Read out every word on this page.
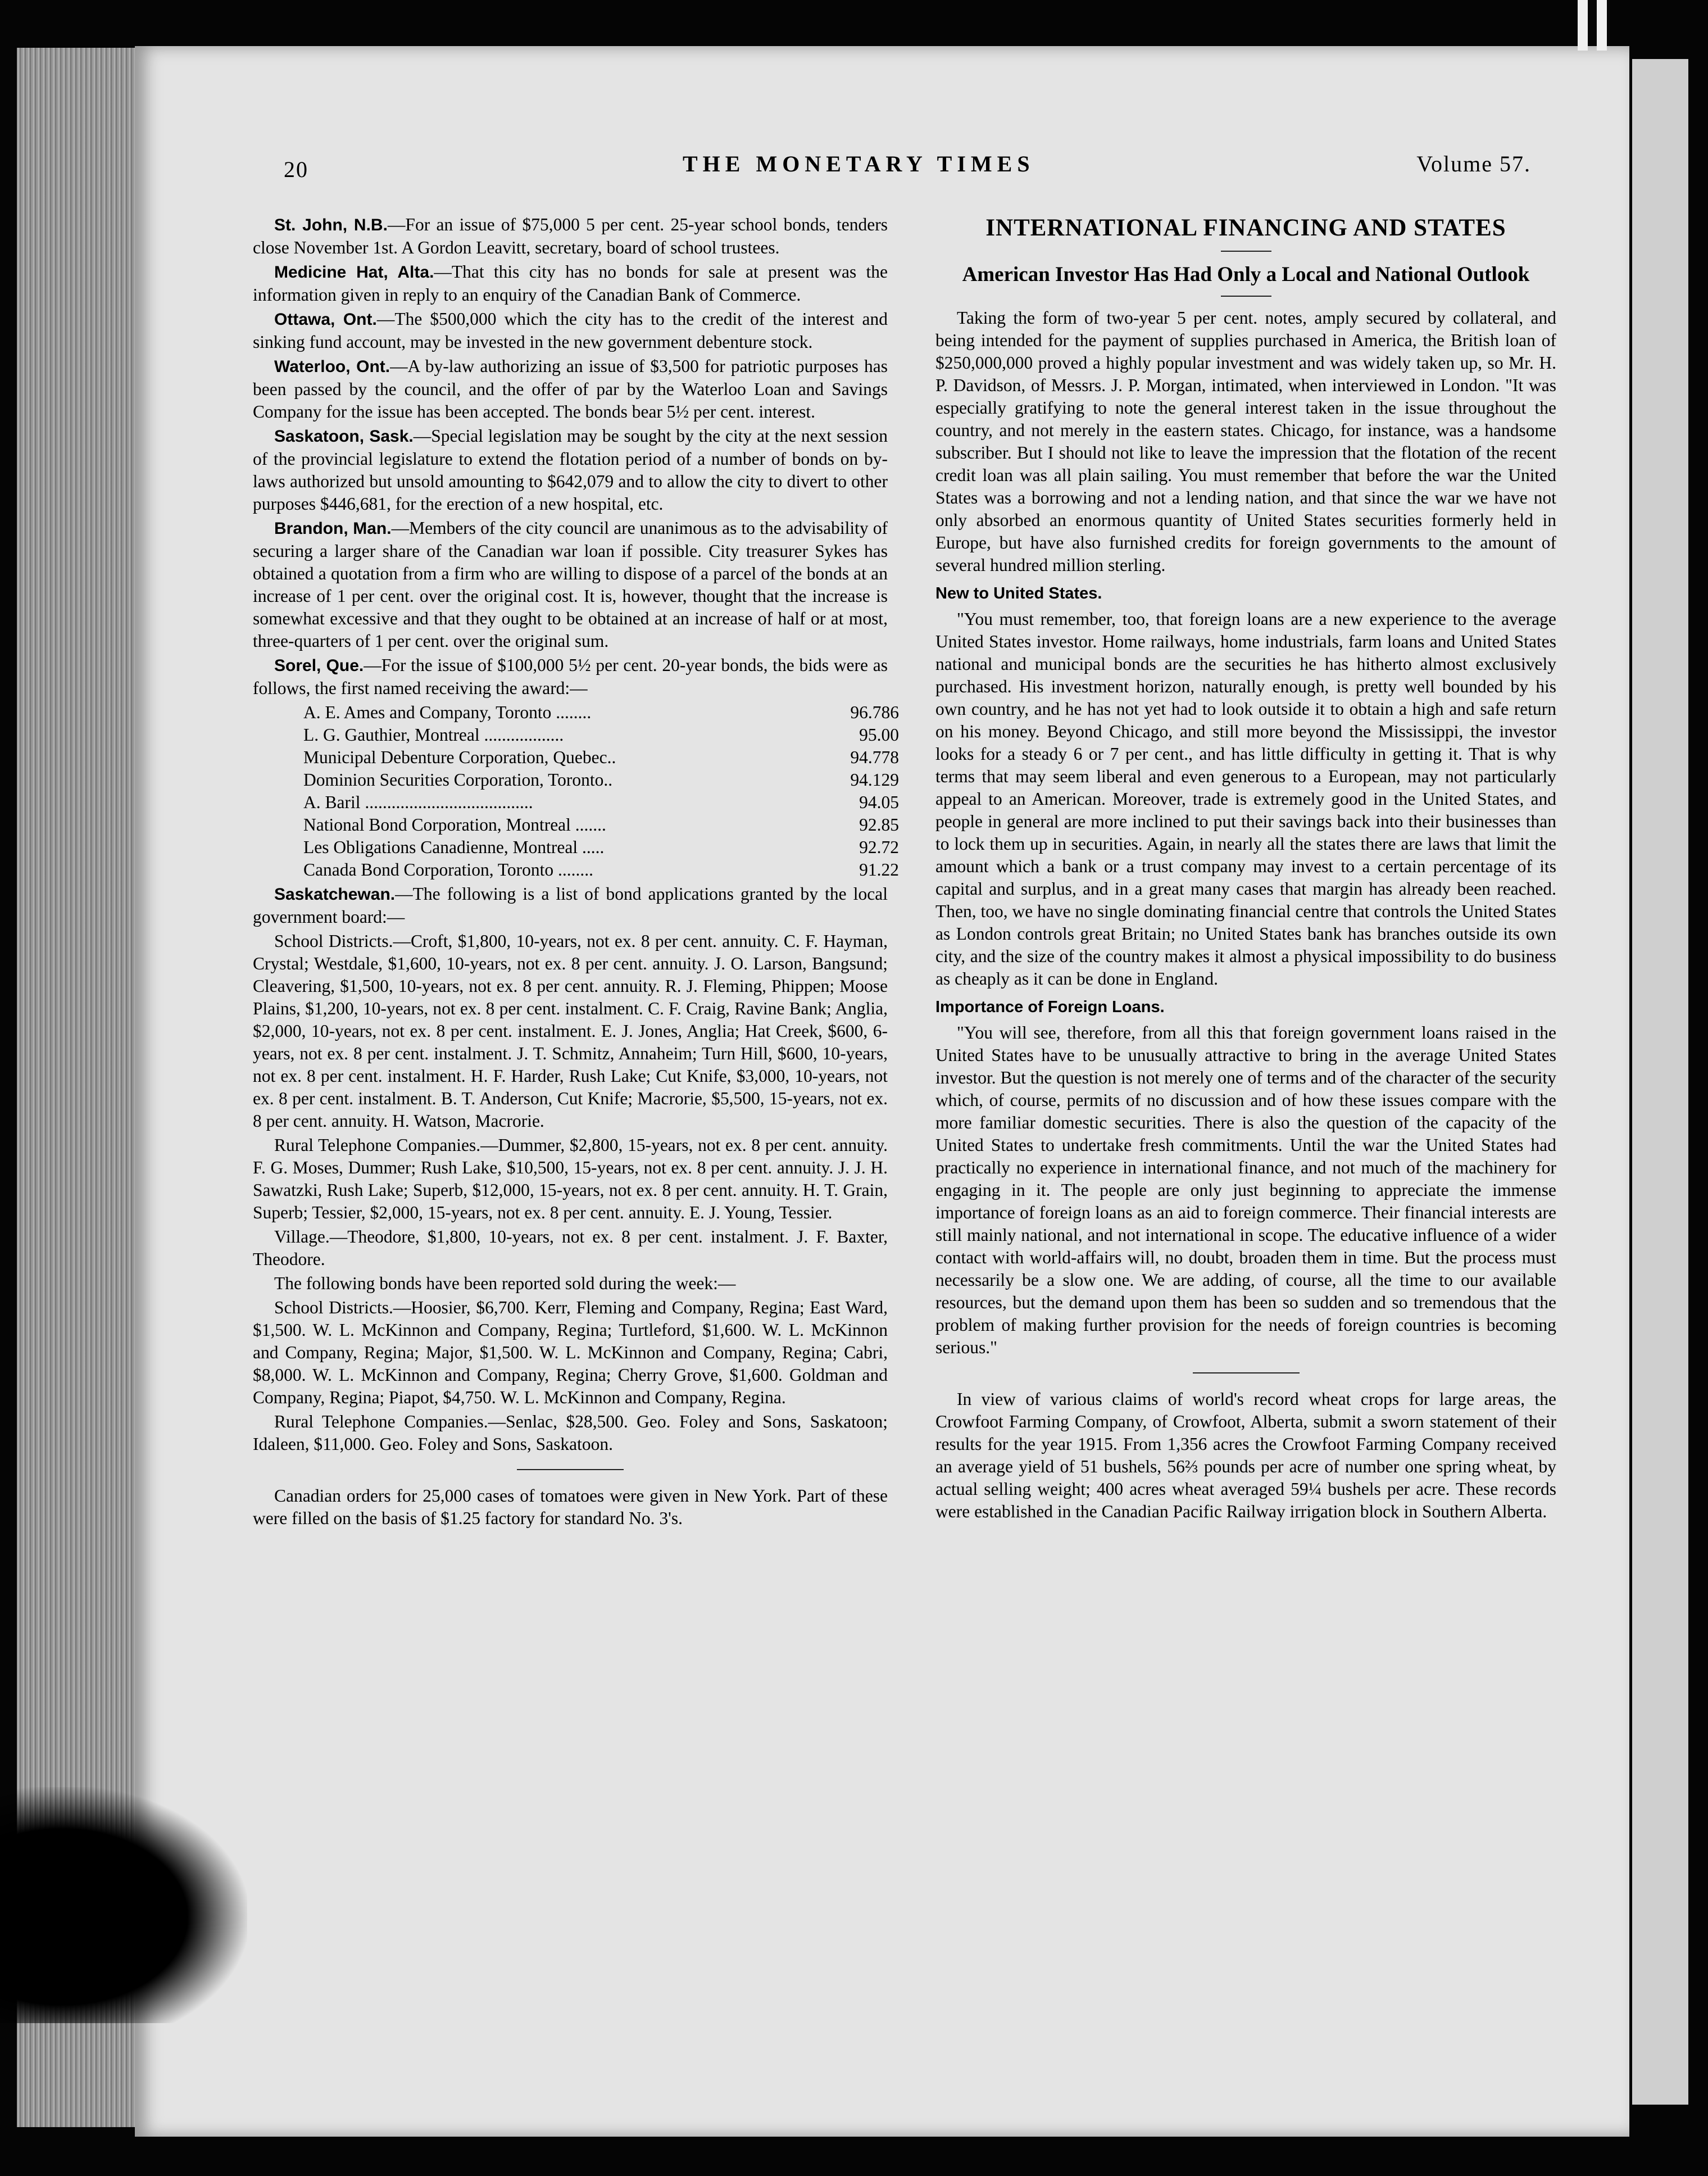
20	THE MONETARY TIMES	Volume 57.

St. John, N.B.—For an issue of $75,000 5 per cent. 25-year school bonds, tenders close November 1st. A Gordon Leavitt, secretary, board of school trustees.

Medicine Hat, Alta.—That this city has no bonds for sale at present was the information given in reply to an enquiry of the Canadian Bank of Commerce.

Ottawa, Ont.—The $500,000 which the city has to the credit of the interest and sinking fund account, may be invested in the new government debenture stock.

Waterloo, Ont.—A by-law authorizing an issue of $3,500 for patriotic purposes has been passed by the council, and the offer of par by the Waterloo Loan and Savings Company for the issue has been accepted. The bonds bear 5½ per cent. interest.

Saskatoon, Sask.—Special legislation may be sought by the city at the next session of the provincial legislature to extend the flotation period of a number of bonds on by-laws authorized but unsold amounting to $642,079 and to allow the city to divert to other purposes $446,681, for the erection of a new hospital, etc.

Brandon, Man.—Members of the city council are unanimous as to the advisability of securing a larger share of the Canadian war loan if possible. City treasurer Sykes has obtained a quotation from a firm who are willing to dispose of a parcel of the bonds at an increase of 1 per cent. over the original cost. It is, however, thought that the increase is somewhat excessive and that they ought to be obtained at an increase of half or at most, three-quarters of 1 per cent. over the original sum.

Sorel, Que.—For the issue of $100,000 5½ per cent. 20-year bonds, the bids were as follows, the first named receiving the award:—

A. E. Ames and Company, Toronto ........	96.786
L. G. Gauthier, Montreal ..................	95.00
Municipal Debenture Corporation, Quebec..	94.778
Dominion Securities Corporation, Toronto..	94.129
A. Baril ......................................	94.05
National Bond Corporation, Montreal .......	92.85
Les Obligations Canadienne, Montreal .....	92.72
Canada Bond Corporation, Toronto ........	91.22

Saskatchewan.—The following is a list of bond applications granted by the local government board:—

School Districts.—Croft, $1,800, 10-years, not ex. 8 per cent. annuity. C. F. Hayman, Crystal; Westdale, $1,600, 10-years, not ex. 8 per cent. annuity. J. O. Larson, Bangsund; Cleavering, $1,500, 10-years, not ex. 8 per cent. annuity. R. J. Fleming, Phippen; Moose Plains, $1,200, 10-years, not ex. 8 per cent. instalment. C. F. Craig, Ravine Bank; Anglia, $2,000, 10-years, not ex. 8 per cent. instalment. E. J. Jones, Anglia; Hat Creek, $600, 6-years, not ex. 8 per cent. instalment. J. T. Schmitz, Annaheim; Turn Hill, $600, 10-years, not ex. 8 per cent. instalment. H. F. Harder, Rush Lake; Cut Knife, $3,000, 10-years, not ex. 8 per cent. instalment. B. T. Anderson, Cut Knife; Macrorie, $5,500, 15-years, not ex. 8 per cent. annuity. H. Watson, Macrorie.

Rural Telephone Companies.—Dummer, $2,800, 15-years, not ex. 8 per cent. annuity. F. G. Moses, Dummer; Rush Lake, $10,500, 15-years, not ex. 8 per cent. annuity. J. J. H. Sawatzki, Rush Lake; Superb, $12,000, 15-years, not ex. 8 per cent. annuity. H. T. Grain, Superb; Tessier, $2,000, 15-years, not ex. 8 per cent. annuity. E. J. Young, Tessier.

Village.—Theodore, $1,800, 10-years, not ex. 8 per cent. instalment. J. F. Baxter, Theodore.

The following bonds have been reported sold during the week:—

School Districts.—Hoosier, $6,700. Kerr, Fleming and Company, Regina; East Ward, $1,500. W. L. McKinnon and Company, Regina; Turtleford, $1,600. W. L. McKinnon and Company, Regina; Major, $1,500. W. L. McKinnon and Company, Regina; Cabri, $8,000. W. L. McKinnon and Company, Regina; Cherry Grove, $1,600. Goldman and Company, Regina; Piapot, $4,750. W. L. McKinnon and Company, Regina.

Rural Telephone Companies.—Senlac, $28,500. Geo. Foley and Sons, Saskatoon; Idaleen, $11,000. Geo. Foley and Sons, Saskatoon.

Canadian orders for 25,000 cases of tomatoes were given in New York. Part of these were filled on the basis of $1.25 factory for standard No. 3's.

INTERNATIONAL FINANCING AND STATES
American Investor Has Had Only a Local and National Outlook

Taking the form of two-year 5 per cent. notes, amply secured by collateral, and being intended for the payment of supplies purchased in America, the British loan of $250,000,000 proved a highly popular investment and was widely taken up, so Mr. H. P. Davidson, of Messrs. J. P. Morgan, intimated, when interviewed in London. "It was especially gratifying to note the general interest taken in the issue throughout the country, and not merely in the eastern states. Chicago, for instance, was a handsome subscriber. But I should not like to leave the impression that the flotation of the recent credit loan was all plain sailing. You must remember that before the war the United States was a borrowing and not a lending nation, and that since the war we have not only absorbed an enormous quantity of United States securities formerly held in Europe, but have also furnished credits for foreign governments to the amount of several hundred million sterling.

New to United States.

"You must remember, too, that foreign loans are a new experience to the average United States investor. Home railways, home industrials, farm loans and United States national and municipal bonds are the securities he has hitherto almost exclusively purchased. His investment horizon, naturally enough, is pretty well bounded by his own country, and he has not yet had to look outside it to obtain a high and safe return on his money. Beyond Chicago, and still more beyond the Mississippi, the investor looks for a steady 6 or 7 per cent., and has little difficulty in getting it. That is why terms that may seem liberal and even generous to a European, may not particularly appeal to an American. Moreover, trade is extremely good in the United States, and people in general are more inclined to put their savings back into their businesses than to lock them up in securities. Again, in nearly all the states there are laws that limit the amount which a bank or a trust company may invest to a certain percentage of its capital and surplus, and in a great many cases that margin has already been reached. Then, too, we have no single dominating financial centre that controls the United States as London controls great Britain; no United States bank has branches outside its own city, and the size of the country makes it almost a physical impossibility to do business as cheaply as it can be done in England.

Importance of Foreign Loans.

"You will see, therefore, from all this that foreign government loans raised in the United States have to be unusually attractive to bring in the average United States investor. But the question is not merely one of terms and of the character of the security which, of course, permits of no discussion and of how these issues compare with the more familiar domestic securities. There is also the question of the capacity of the United States to undertake fresh commitments. Until the war the United States had practically no experience in international finance, and not much of the machinery for engaging in it. The people are only just beginning to appreciate the immense importance of foreign loans as an aid to foreign commerce. Their financial interests are still mainly national, and not international in scope. The educative influence of a wider contact with world-affairs will, no doubt, broaden them in time. But the process must necessarily be a slow one. We are adding, of course, all the time to our available resources, but the demand upon them has been so sudden and so tremendous that the problem of making further provision for the needs of foreign countries is becoming serious."

In view of various claims of world's record wheat crops for large areas, the Crowfoot Farming Company, of Crowfoot, Alberta, submit a sworn statement of their results for the year 1915. From 1,356 acres the Crowfoot Farming Company received an average yield of 51 bushels, 56⅔ pounds per acre of number one spring wheat, by actual selling weight; 400 acres wheat averaged 59¼ bushels per acre. These records were established in the Canadian Pacific Railway irrigation block in Southern Alberta.
